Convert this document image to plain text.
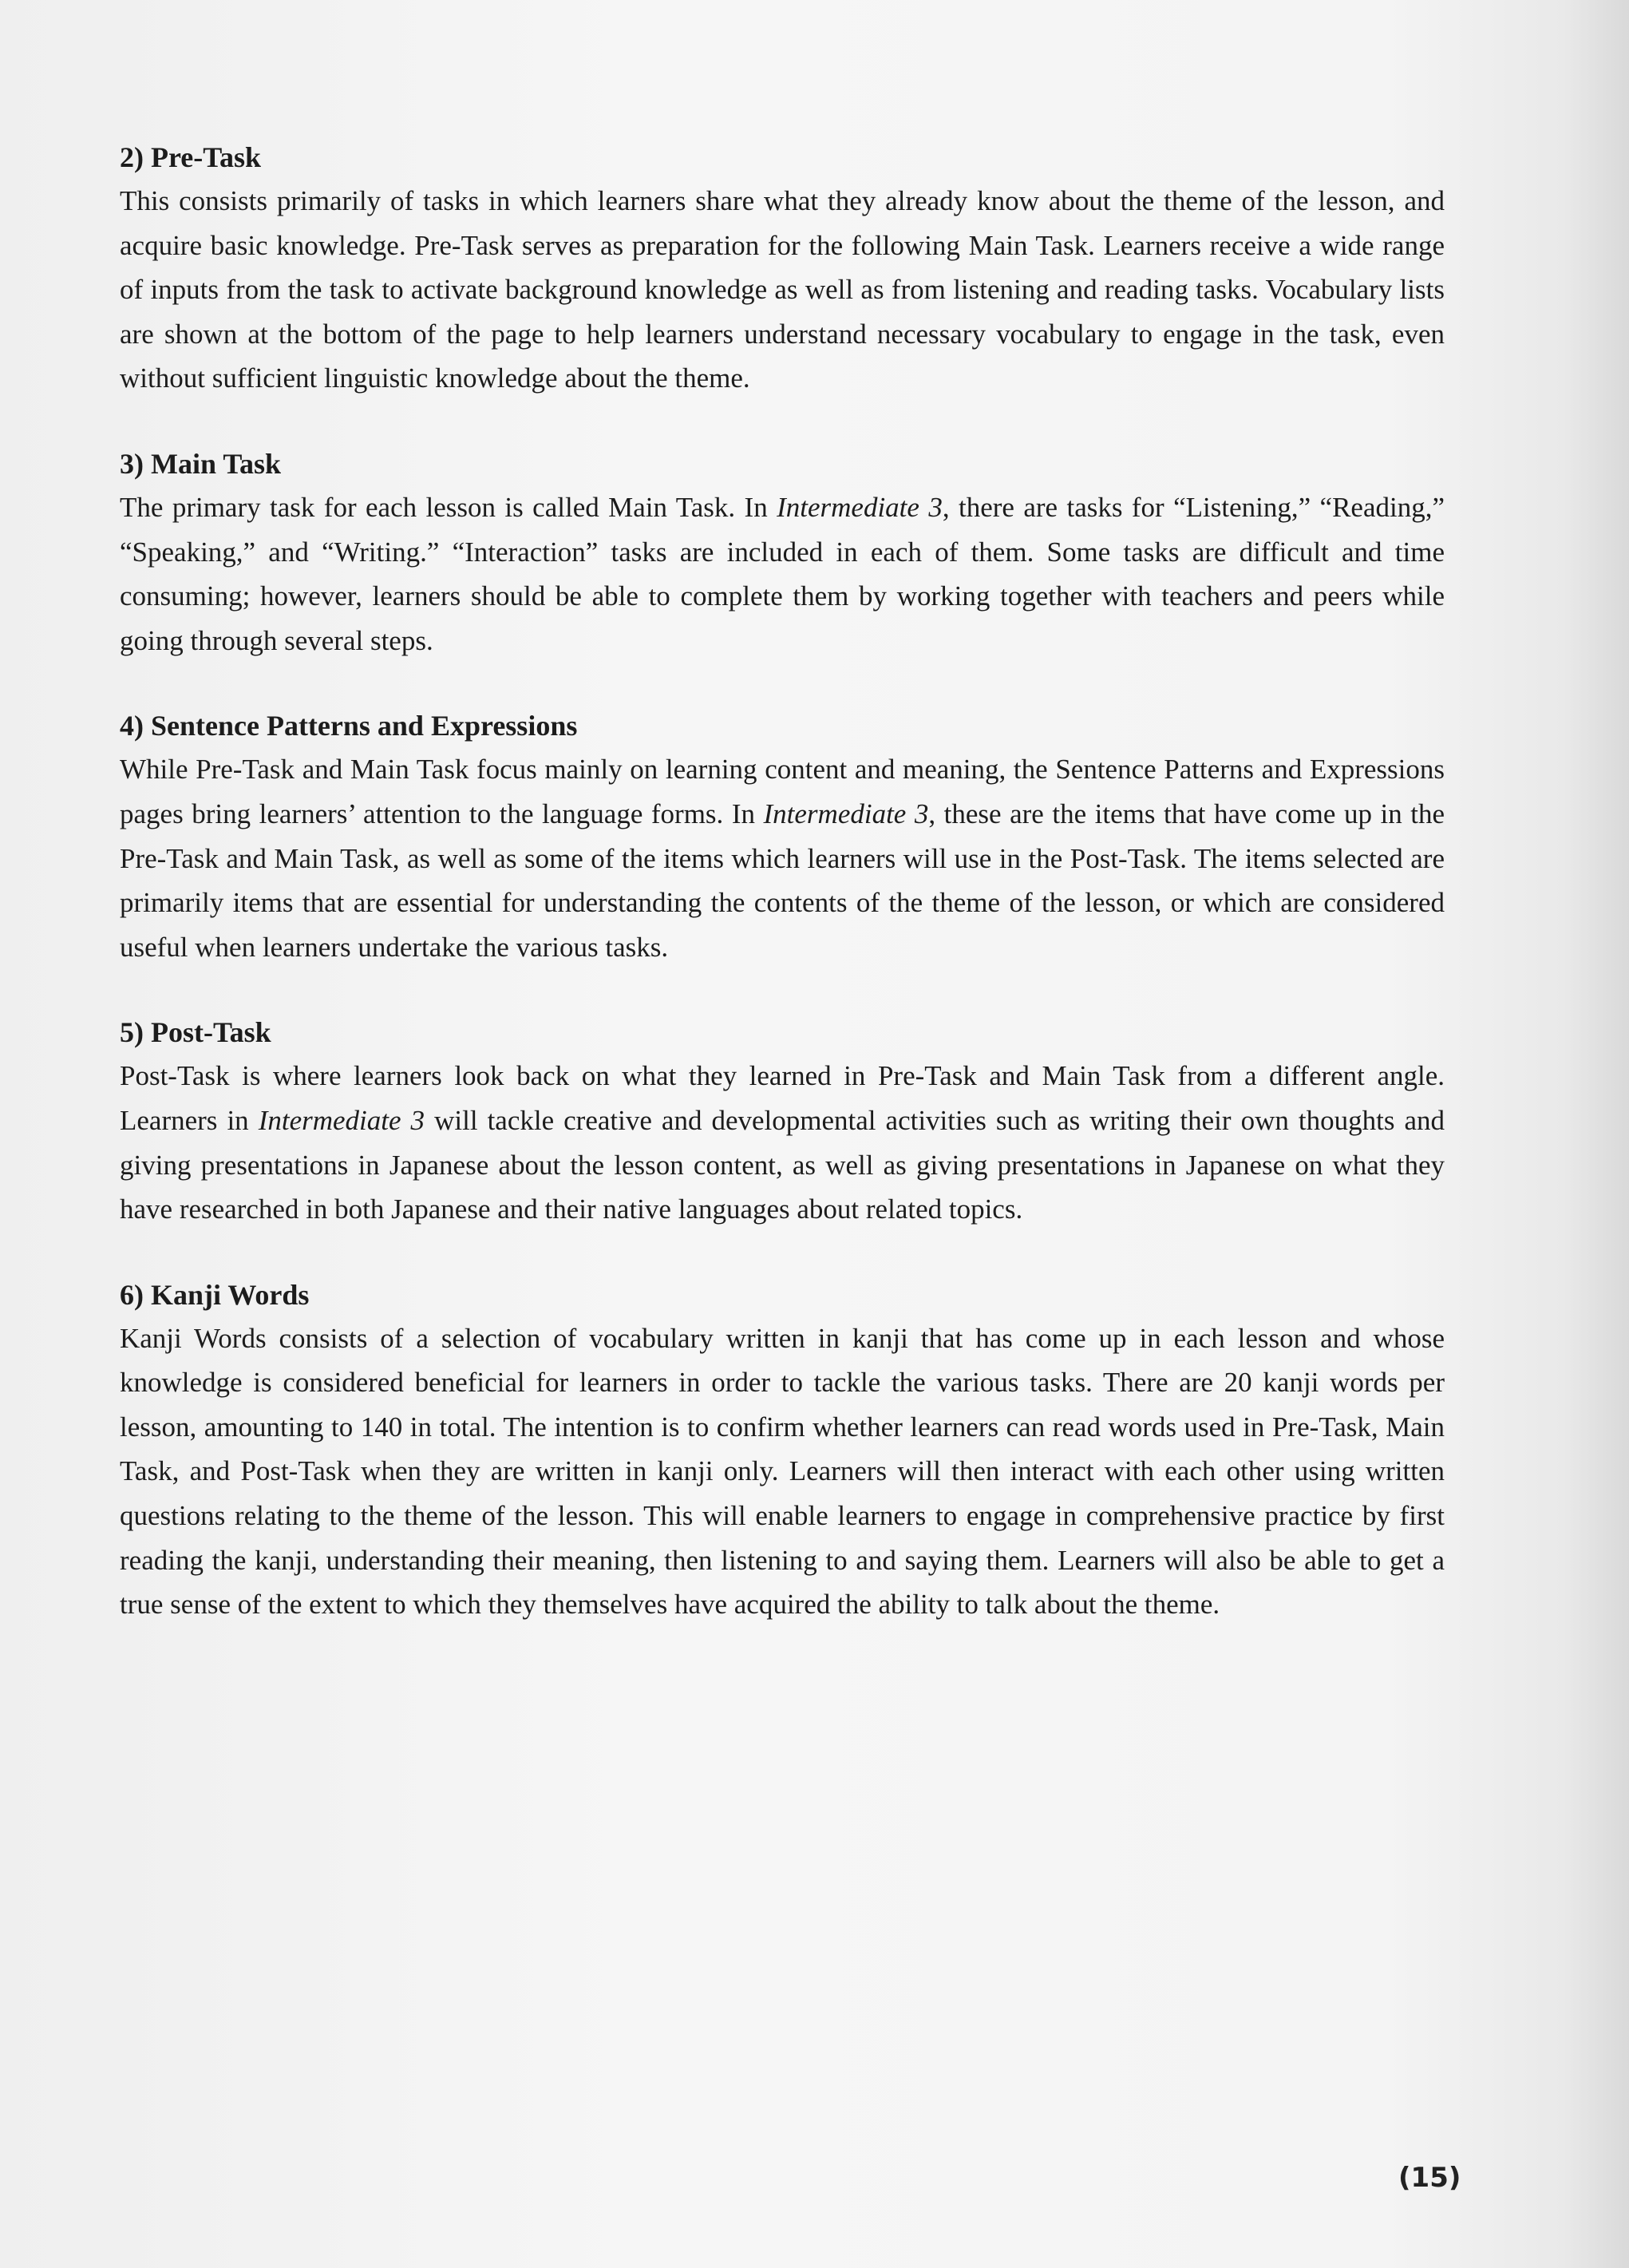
2) Pre-Task

This consists primarily of tasks in which learners share what they already know about the theme of the lesson, and acquire basic knowledge. Pre-Task serves as preparation for the following Main Task. Learners receive a wide range of inputs from the task to activate background knowledge as well as from listening and reading tasks. Vocabulary lists are shown at the bottom of the page to help learners understand necessary vocabulary to engage in the task, even without sufficient linguistic knowledge about the theme.

3) Main Task

The primary task for each lesson is called Main Task. In Intermediate 3, there are tasks for “Listening,” “Reading,” “Speaking,” and “Writing.” “Interaction” tasks are included in each of them. Some tasks are difficult and time consuming; however, learners should be able to complete them by working together with teachers and peers while going through several steps.

4) Sentence Patterns and Expressions

While Pre-Task and Main Task focus mainly on learning content and meaning, the Sentence Patterns and Expressions pages bring learners’ attention to the language forms. In Intermediate 3, these are the items that have come up in the Pre-Task and Main Task, as well as some of the items which learners will use in the Post-Task. The items selected are primarily items that are essential for understanding the contents of the theme of the lesson, or which are considered useful when learners undertake the various tasks.

5) Post-Task

Post-Task is where learners look back on what they learned in Pre-Task and Main Task from a different angle. Learners in Intermediate 3 will tackle creative and developmental activities such as writing their own thoughts and giving presentations in Japanese about the lesson content, as well as giving presentations in Japanese on what they have researched in both Japanese and their native languages about related topics.

6) Kanji Words

Kanji Words consists of a selection of vocabulary written in kanji that has come up in each lesson and whose knowledge is considered beneficial for learners in order to tackle the various tasks. There are 20 kanji words per lesson, amounting to 140 in total. The intention is to confirm whether learners can read words used in Pre-Task, Main Task, and Post-Task when they are written in kanji only. Learners will then interact with each other using written questions relating to the theme of the lesson. This will enable learners to engage in comprehensive practice by first reading the kanji, understanding their meaning, then listening to and saying them. Learners will also be able to get a true sense of the extent to which they themselves have acquired the ability to talk about the theme.

(15)
